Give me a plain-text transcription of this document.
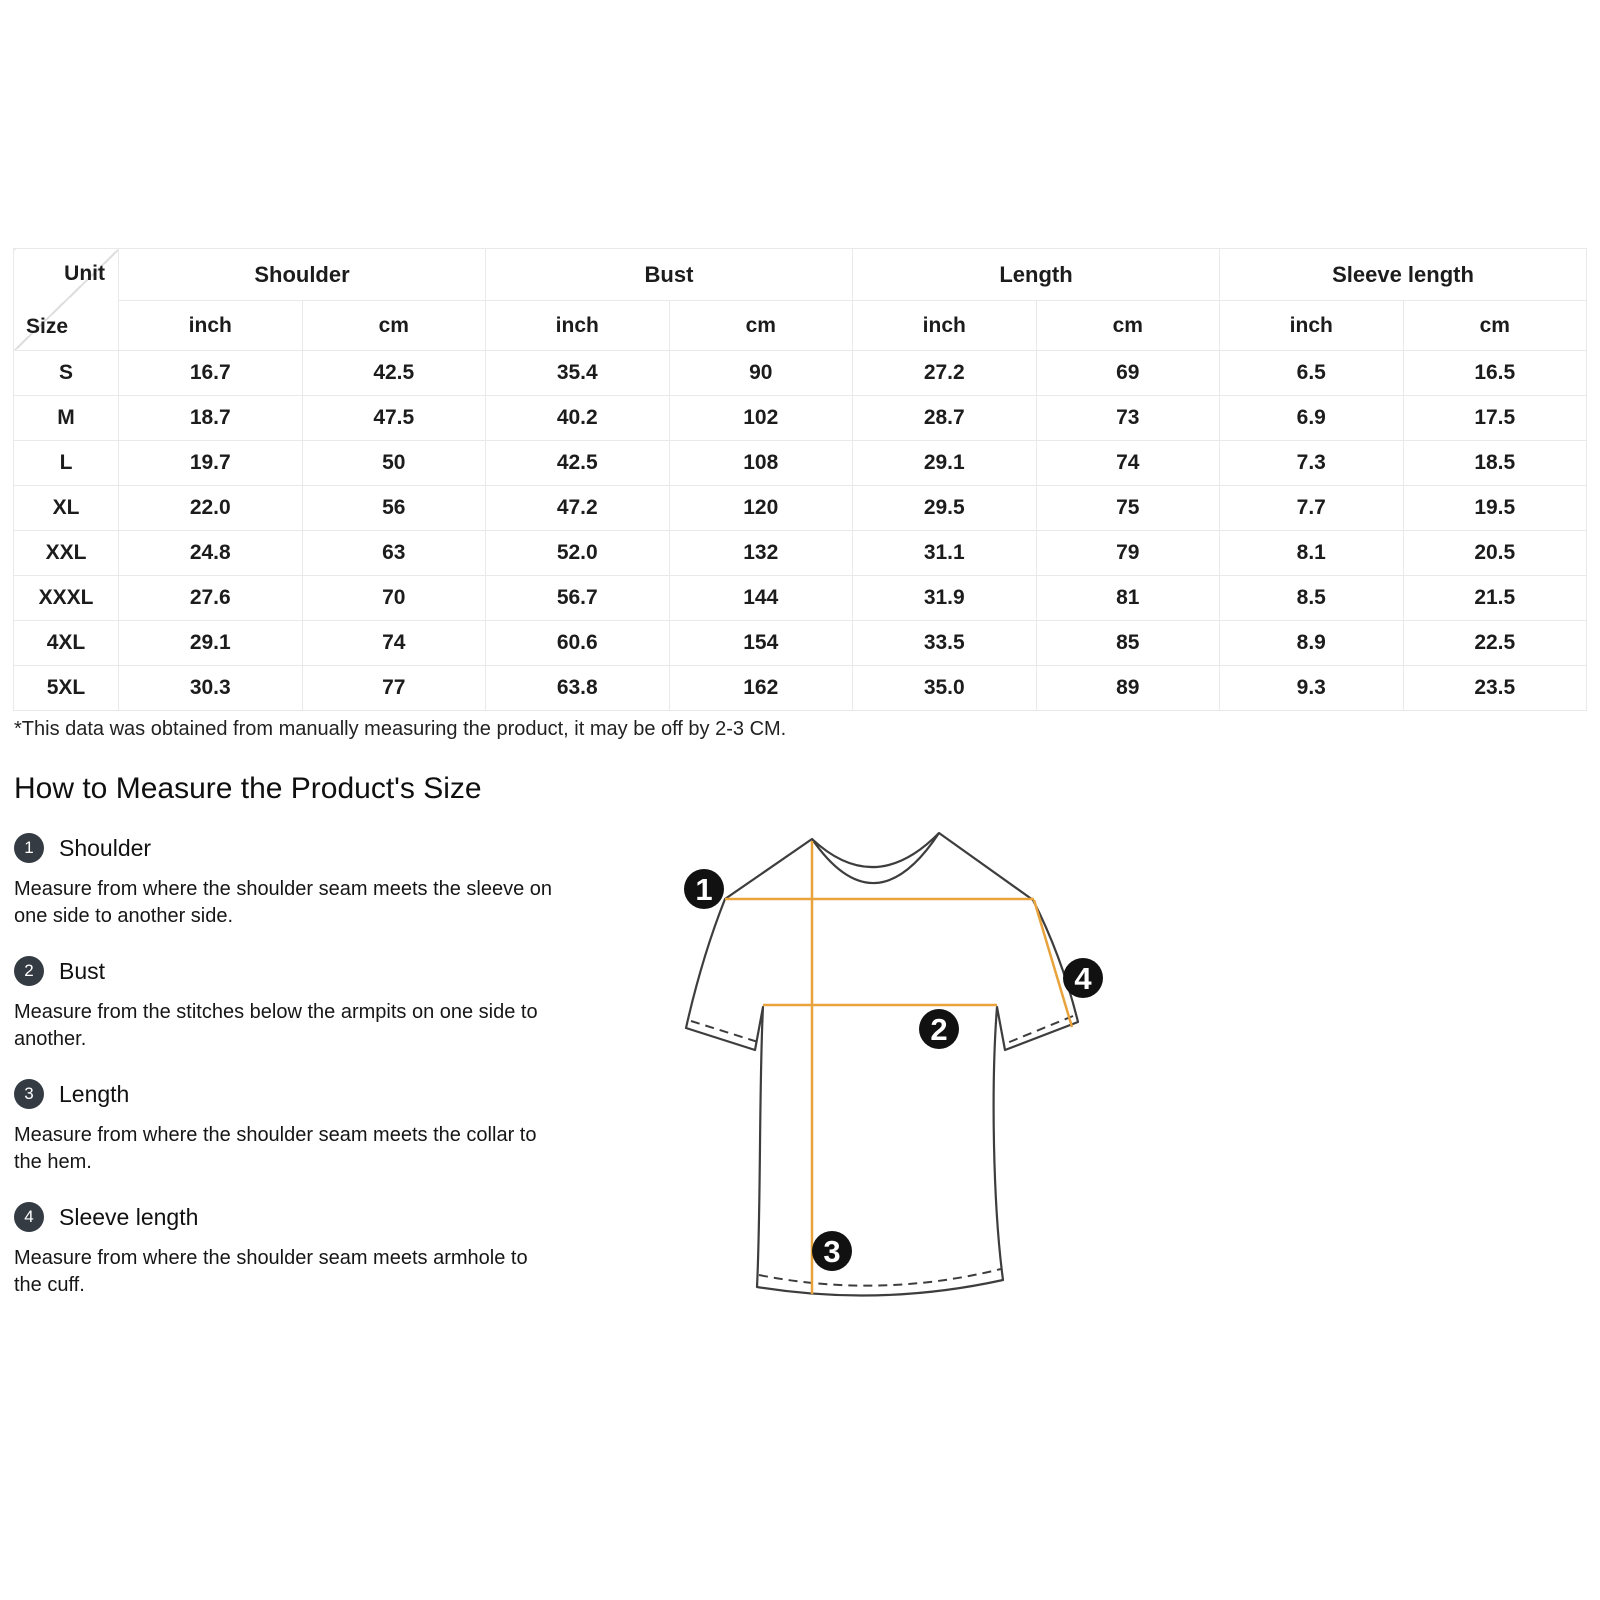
Unit
Size	Shoulder		Bust		Length		Sleeve length	
	inch	cm	inch	cm	inch	cm	inch	cm
S	16.7	42.5	35.4	90	27.2	69	6.5	16.5
M	18.7	47.5	40.2	102	28.7	73	6.9	17.5
L	19.7	50	42.5	108	29.1	74	7.3	18.5
XL	22.0	56	47.2	120	29.5	75	7.7	19.5
XXL	24.8	63	52.0	132	31.1	79	8.1	20.5
XXXL	27.6	70	56.7	144	31.9	81	8.5	21.5
4XL	29.1	74	60.6	154	33.5	85	8.9	22.5
5XL	30.3	77	63.8	162	35.0	89	9.3	23.5

*This data was obtained from manually measuring the product, it may be off by 2-3 CM.

How to Measure the Product's Size
1	Shoulder

Measure from where the shoulder seam meets the sleeve on one side to another side.

2	Bust

Measure from the stitches below the armpits on one side to another.

3	Length

Measure from where the shoulder seam meets the collar to the hem.

4	Sleeve length

Measure from where the shoulder seam meets armhole to the cuff.

1
2
3
4
